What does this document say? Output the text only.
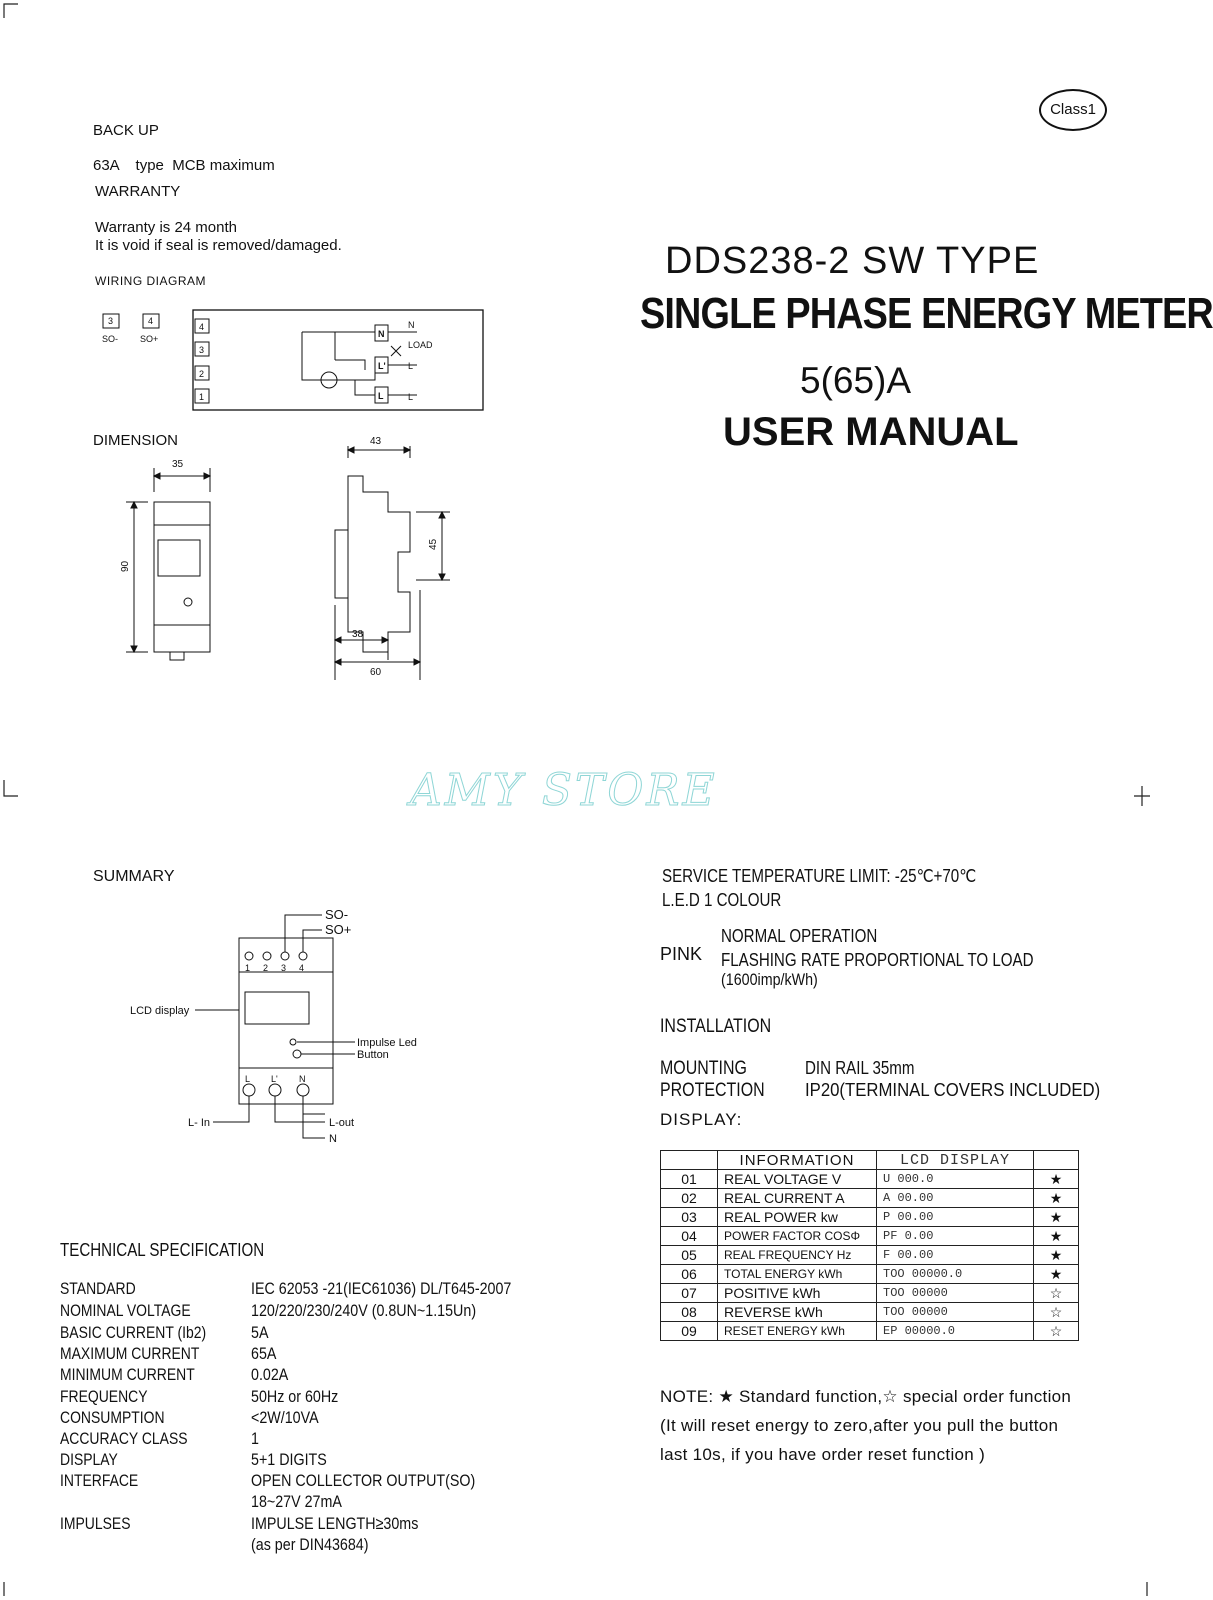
Class1
BACK UP
63A    type  MCB maximum
WARRANTY
Warranty is 24 month
It is void if seal is removed/damaged.
WIRING DIAGRAM
3	4
SO- SO+
4
3
2
1
N
L'
L
N
LOAD
L
L
DIMENSION
35
90
43
45
38
60
DDS238-2 SW TYPE
SINGLE PHASE ENERGY METER
5(65)A
USER MANUAL
AMY STORE
SUMMARY
SO-
SO+
1 2 3 4
LCD display
Impulse Led
Button
L L' N
L- In	L-out
N
TECHNICAL SPECIFICATION
STANDARD	IEC 62053 -21(IEC61036) DL/T645-2007
NOMINAL VOLTAGE	120/220/230/240V (0.8UN~1.15Un)
BASIC CURRENT (Ib2)	5A
MAXIMUM CURRENT	65A
MINIMUM CURRENT	0.02A
FREQUENCY	50Hz or 60Hz
CONSUMPTION	<2W/10VA
ACCURACY CLASS	1
DISPLAY	5+1 DIGITS
INTERFACE	OPEN COLLECTOR OUTPUT(SO)
18~27V 27mA
IMPULSES	IMPULSE LENGTH≥30ms
(as per DIN43684)
SERVICE TEMPERATURE LIMIT: -25℃+70℃
L.E.D 1 COLOUR
PINK
NORMAL OPERATION
FLASHING RATE PROPORTIONAL TO LOAD
(1600imp/kWh)
INSTALLATION
MOUNTING	DIN RAIL 35mm
PROTECTION	IP20(TERMINAL COVERS INCLUDED)
DISPLAY:
	INFORMATION	LCD DISPLAY	
01	REAL VOLTAGE V	U 000.0	★
02	REAL CURRENT A	A 00.00	★
03	REAL POWER kw	P 00.00	★
04	POWER FACTOR COSΦ	PF 0.00	★
05	REAL FREQUENCY Hz	F 00.00	★
06	TOTAL ENERGY kWh	TOO 00000.0	★
07	POSITIVE kWh	TOO 00000	☆
08	REVERSE kWh	TOO 00000	☆
09	RESET ENERGY kWh	EP 00000.0	☆
NOTE: ★ Standard function,☆ special order function
(It will reset energy to zero,after you pull the button
last 10s, if you have order reset function )
